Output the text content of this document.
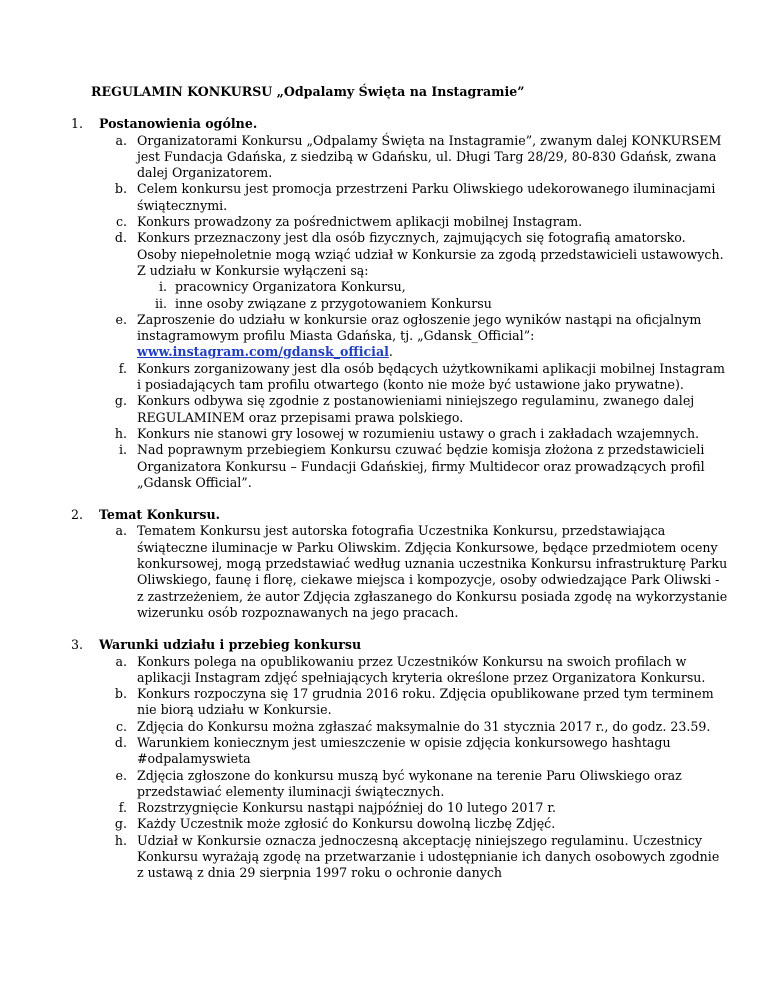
REGULAMIN KONKURSU „Odpalamy Święta na Instagramie”
1. Postanowienia ogólne.
a. Organizatorami Konkursu „Odpalamy Święta na Instagramie”, zwanym dalej KONKURSEM jest Fundacja Gdańska, z siedzibą w Gdańsku, ul. Długi Targ 28/29, 80-830 Gdańsk, zwana dalej Organizatorem.
b. Celem konkursu jest promocja przestrzeni Parku Oliwskiego udekorowanego iluminacjami świątecznymi.
c. Konkurs prowadzony za pośrednictwem aplikacji mobilnej Instagram.
d. Konkurs przeznaczony jest dla osób fizycznych, zajmujących się fotografią amatorsko. Osoby niepełnoletnie mogą wziąć udział w Konkursie za zgodą przedstawicieli ustawowych. Z udziału w Konkursie wyłączeni są:
i. pracownicy Organizatora Konkursu,
ii. inne osoby związane z przygotowaniem Konkursu
e. Zaproszenie do udziału w konkursie oraz ogłoszenie jego wyników nastąpi na oficjalnym instagramowym profilu Miasta Gdańska, tj. „Gdansk_Official”: www.instagram.com/gdansk_official.
f. Konkurs zorganizowany jest dla osób będących użytkownikami aplikacji mobilnej Instagram i posiadających tam profilu otwartego (konto nie może być ustawione jako prywatne).
g. Konkurs odbywa się zgodnie z postanowieniami niniejszego regulaminu, zwanego dalej REGULAMINEM oraz przepisami prawa polskiego.
h. Konkurs nie stanowi gry losowej w rozumieniu ustawy o grach i zakładach wzajemnych.
i. Nad poprawnym przebiegiem Konkursu czuwać będzie komisja złożona z przedstawicieli Organizatora Konkursu – Fundacji Gdańskiej, firmy Multidecor oraz prowadzących profil „Gdansk Official”.
2. Temat Konkursu.
a. Tematem Konkursu jest autorska fotografia Uczestnika Konkursu, przedstawiająca świąteczne iluminacje w Parku Oliwskim. Zdjęcia Konkursowe, będące przedmiotem oceny konkursowej, mogą przedstawiać według uznania uczestnika Konkursu infrastrukturę Parku Oliwskiego, faunę i florę, ciekawe miejsca i kompozycje, osoby odwiedzające Park Oliwski - z zastrzeżeniem, że autor Zdjęcia zgłaszanego do Konkursu posiada zgodę na wykorzystanie wizerunku osób rozpoznawanych na jego pracach.
3. Warunki udziału i przebieg konkursu
a. Konkurs polega na opublikowaniu przez Uczestników Konkursu na swoich profilach w aplikacji Instagram zdjęć spełniających kryteria określone przez Organizatora Konkursu.
b. Konkurs rozpoczyna się 17 grudnia 2016 roku. Zdjęcia opublikowane przed tym terminem nie biorą udziału w Konkursie.
c. Zdjęcia do Konkursu można zgłaszać maksymalnie do 31 stycznia 2017 r., do godz. 23.59.
d. Warunkiem koniecznym jest umieszczenie w opisie zdjęcia konkursowego hashtagu #odpalamyswieta
e. Zdjęcia zgłoszone do konkursu muszą być wykonane na terenie Paru Oliwskiego oraz przedstawiać elementy iluminacji świątecznych.
f. Rozstrzygnięcie Konkursu nastąpi najpóźniej do 10 lutego 2017 r.
g. Każdy Uczestnik może zgłosić do Konkursu dowolną liczbę Zdjęć.
h. Udział w Konkursie oznacza jednoczesną akceptację niniejszego regulaminu. Uczestnicy Konkursu wyrażają zgodę na przetwarzanie i udostępnianie ich danych osobowych zgodnie z ustawą z dnia 29 sierpnia 1997 roku o ochronie danych
